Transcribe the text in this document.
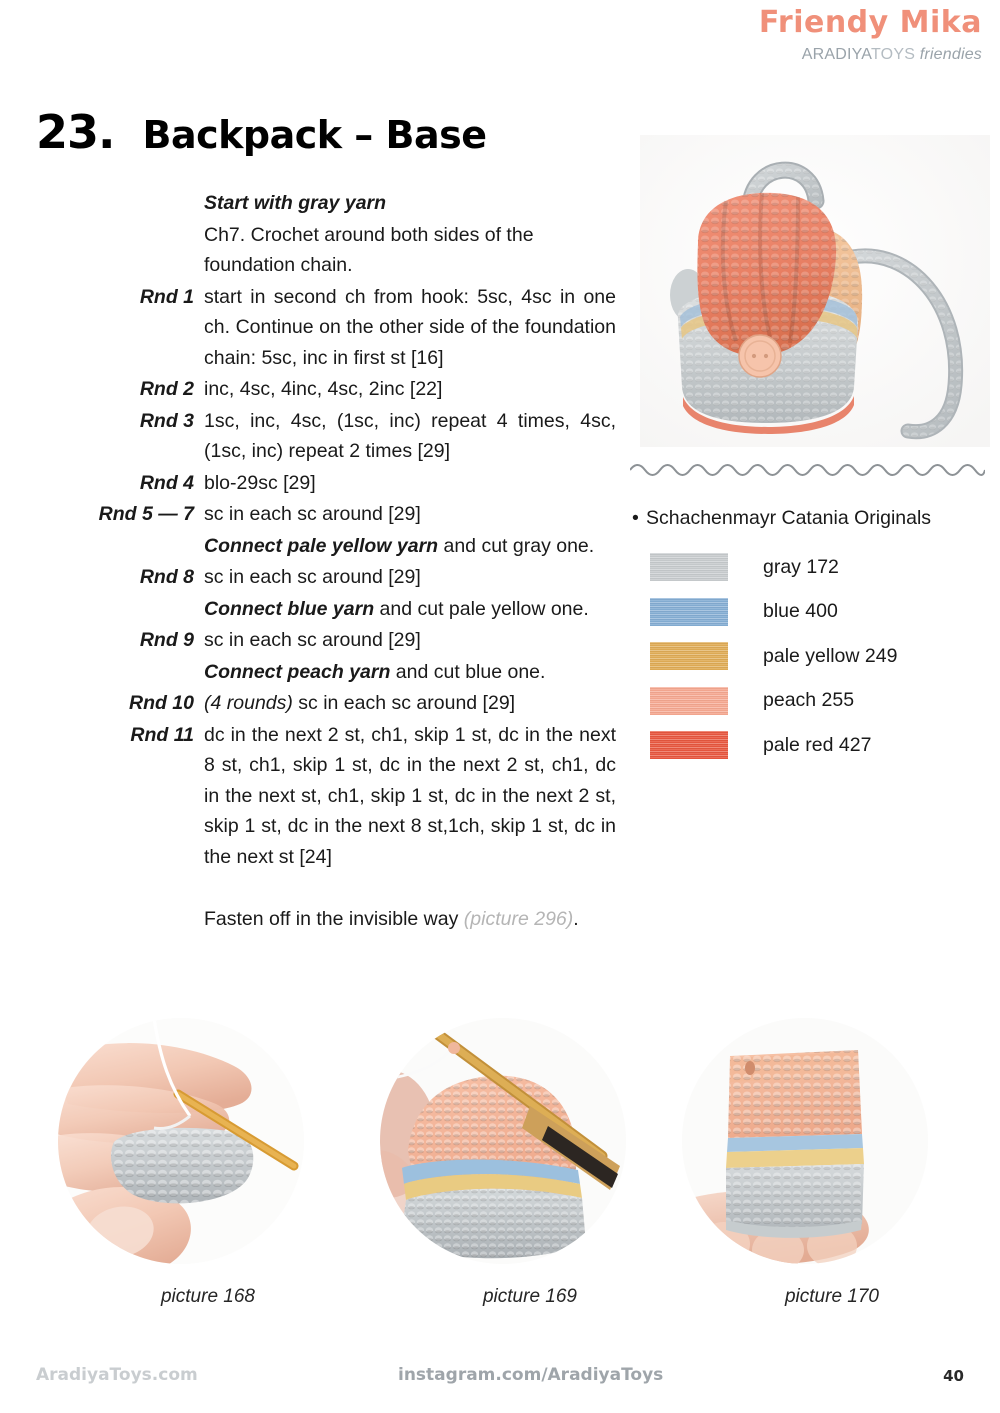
Friendy Mika
ARADIYATOYS friendies
23. Backpack – Base
Start with gray yarn
Ch7. Crochet around both sides of the foundation chain.
Rnd 1 start in second ch from hook: 5sc, 4sc in one ch. Continue on the other side of the foundation chain: 5sc, inc in first st [16]
Rnd 2 inc, 4sc, 4inc, 4sc, 2inc [22]
Rnd 3 1sc, inc, 4sc, (1sc, inc) repeat 4 times, 4sc, (1sc, inc) repeat 2 times [29]
Rnd 4 blo-29sc [29]
Rnd 5 — 7 sc in each sc around [29]
Connect pale yellow yarn and cut gray one.
Rnd 8 sc in each sc around [29]
Connect blue yarn and cut pale yellow one.
Rnd 9 sc in each sc around [29]
Connect peach yarn and cut blue one.
Rnd 10 (4 rounds) sc in each sc around [29]
Rnd 11 dc in the next 2 st, ch1, skip 1 st, dc in the next 8 st, ch1, skip 1 st, dc in the next 2 st, ch1, dc in the next st, ch1, skip 1 st, dc in the next 2 st, skip 1 st, dc in the next 8 st,1ch, skip 1 st, dc in the next st [24]
Fasten off in the invisible way (picture 296).
• Schachenmayr Catania Originals
gray 172
blue 400
pale yellow 249
peach 255
pale red 427
picture 168	picture 169	picture 170
AradiyaToys.com	instagram.com/AradiyaToys	40
